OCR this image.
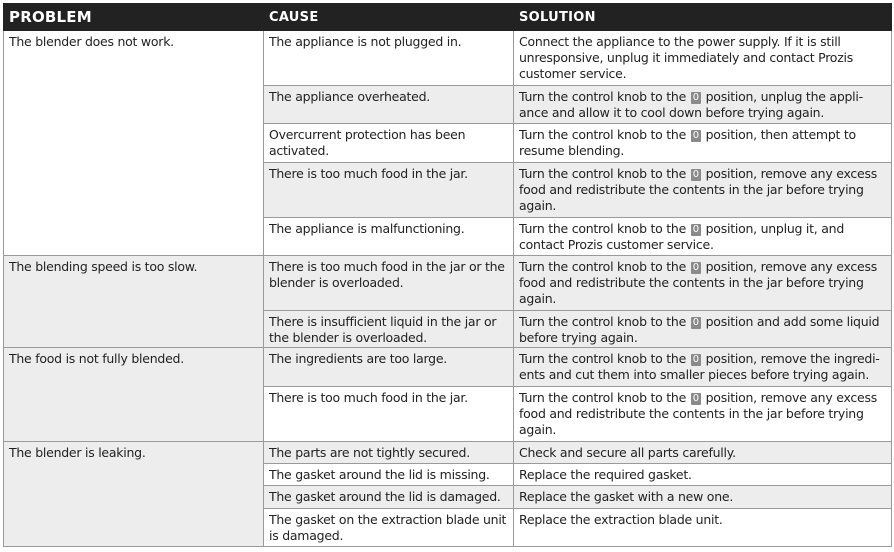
PROBLEM	CAUSE	SOLUTION
The blender does not work.	The appliance is not plugged in.	Connect the appliance to the power supply. If it is still unresponsive, unplug it immediately and contact Prozis customer service.
	The appliance overheated.	Turn the control knob to the 0 position, unplug the appli-ance and allow it to cool down before trying again.
	Overcurrent protection has been activated.	Turn the control knob to the 0 position, then attempt to resume blending.
	There is too much food in the jar.	Turn the control knob to the 0 position, remove any excess food and redistribute the contents in the jar before trying again.
	The appliance is malfunctioning.	Turn the control knob to the 0 position, unplug it, and contact Prozis customer service.
The blending speed is too slow.	There is too much food in the jar or the blender is overloaded.	Turn the control knob to the 0 position, remove any excess food and redistribute the contents in the jar before trying again.
	There is insufficient liquid in the jar or the blender is overloaded.	Turn the control knob to the 0 position and add some liquid before trying again.
The food is not fully blended.	The ingredients are too large.	Turn the control knob to the 0 position, remove the ingredi-ents and cut them into smaller pieces before trying again.
	There is too much food in the jar.	Turn the control knob to the 0 position, remove any excess food and redistribute the contents in the jar before trying again.
The blender is leaking.	The parts are not tightly secured.	Check and secure all parts carefully.
	The gasket around the lid is missing.	Replace the required gasket.
	The gasket around the lid is damaged.	Replace the gasket with a new one.
	The gasket on the extraction blade unit is damaged.	Replace the extraction blade unit.
